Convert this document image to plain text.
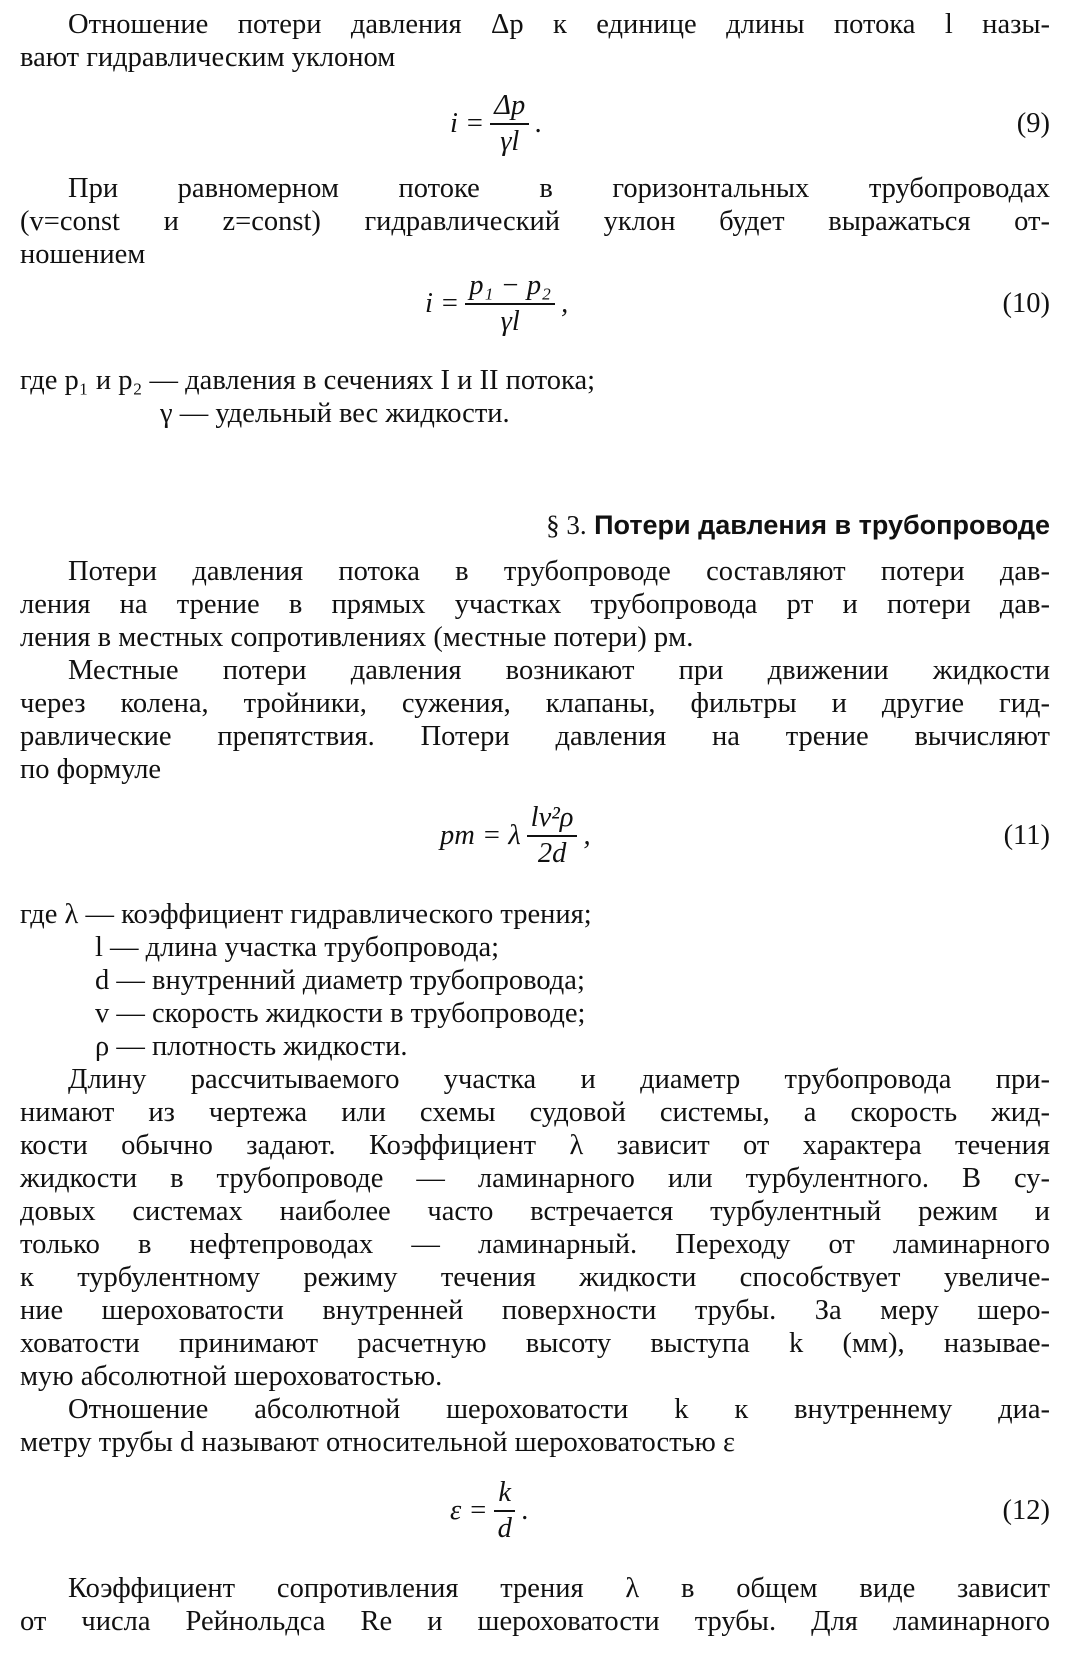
Отношение потери давления Δp к единице длины потока l назы-
вают гидравлическим уклоном
$i = \frac{\Delta p}{\gamma l}$ .	(9)
При равномерном потоке в горизонтальных трубопроводах
(v=const и z=const) гидравлический уклон будет выражаться от-
ношением
$i = \frac{\text{p₁ − p₂}}{\gamma l}$ ,	(10)
где p₁ и p₂ — давления в сечениях I и II потока;
γ — удельный вес жидкости.
§ 3. Потери давления в трубопроводе
Потери давления потока в трубопроводе составляют потери дав-
ления на трение в прямых участках трубопровода pт и потери дав-
ления в местных сопротивлениях (местные потери) pм.
Местные потери давления возникают при движении жидкости
через колена, тройники, сужения, клапаны, фильтры и другие гид-
равлические препятствия. Потери давления на трение вычисляют
по формуле
pт = λ $\frac{\text{lv²ρ}}{2d}$ ,	(11)
где λ — коэффициент гидравлического трения;
l — длина участка трубопровода;
d — внутренний диаметр трубопровода;
v — скорость жидкости в трубопроводе;
ρ — плотность жидкости.
Длину рассчитываемого участка и диаметр трубопровода при-
нимают из чертежа или схемы судовой системы, а скорость жид-
кости обычно задают. Коэффициент λ зависит от характера течения
жидкости в трубопроводе — ламинарного или турбулентного. В су-
довых системах наиболее часто встречается турбулентный режим и
только в нефтепроводах — ламинарный. Переходу от ламинарного
к турбулентному режиму течения жидкости способствует увеличе-
ние шероховатости внутренней поверхности трубы. За меру шеро-
ховатости принимают расчетную высоту выступа k (мм), называе-
мую абсолютной шероховатостью.
Отношение абсолютной шероховатости k к внутреннему диа-
метру трубы d называют относительной шероховатостью ε
$\varepsilon = \frac{k}{d}$ .	(12)
Коэффициент сопротивления трения λ в общем виде зависит
от числа Рейнольдса Re и шероховатости трубы. Для ламинарного
